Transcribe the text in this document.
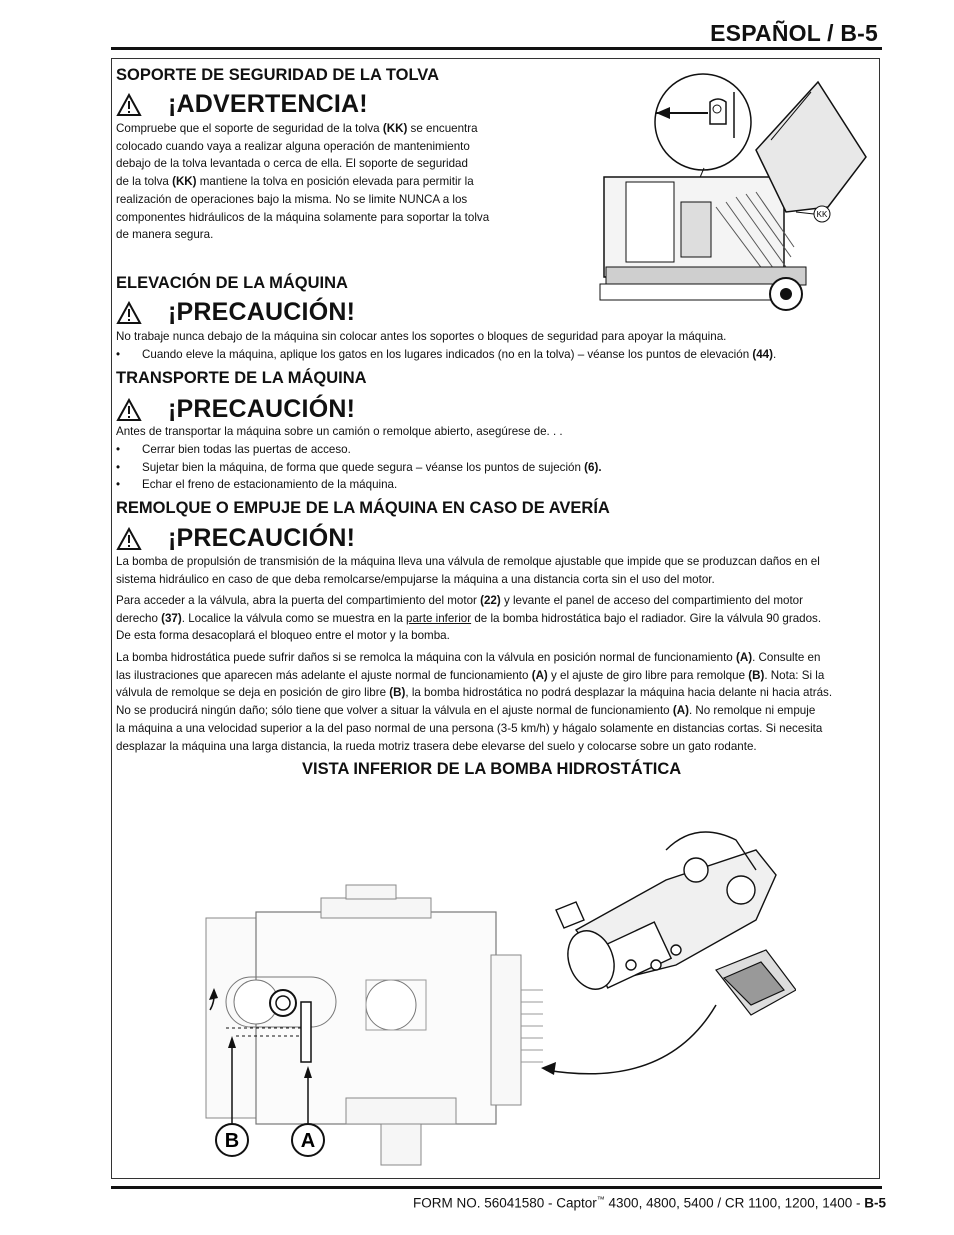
ESPAÑOL / B-5
SOPORTE DE SEGURIDAD DE LA TOLVA
¡ADVERTENCIA!
Compruebe que el soporte de seguridad de la tolva (KK) se encuentra
colocado cuando vaya a realizar alguna operación de mantenimiento
debajo de la tolva levantada o cerca de ella. El soporte de seguridad
de la tolva (KK) mantiene la tolva en posición elevada para permitir la
realización de operaciones bajo la misma. No se limite NUNCA a los
componentes hidráulicos de la máquina solamente para soportar la tolva
de manera segura.
KK
ELEVACIÓN DE LA MÁQUINA
¡PRECAUCIÓN!
No trabaje nunca debajo de la máquina sin colocar antes los soportes o bloques de seguridad para apoyar la máquina.
• Cuando eleve la máquina, aplique los gatos en los lugares indicados (no en la tolva) – véanse los puntos de elevación (44).
TRANSPORTE DE LA MÁQUINA
¡PRECAUCIÓN!
Antes de transportar la máquina sobre un camión o remolque abierto, asegúrese de. . .
• Cerrar bien todas las puertas de acceso.
• Sujetar bien la máquina, de forma que quede segura – véanse los puntos de sujeción (6).
• Echar el freno de estacionamiento de la máquina.
REMOLQUE O EMPUJE DE LA MÁQUINA EN CASO DE AVERÍA
¡PRECAUCIÓN!
La bomba de propulsión de transmisión de la máquina lleva una válvula de remolque ajustable que impide que se produzcan daños en el
sistema hidráulico en caso de que deba remolcarse/empujarse la máquina a una distancia corta sin el uso del motor.
Para acceder a la válvula, abra la puerta del compartimiento del motor (22) y levante el panel de acceso del compartimiento del motor
derecho (37). Localice la válvula como se muestra en la parte inferior de la bomba hidrostática bajo el radiador. Gire la válvula 90 grados.
De esta forma desacoplará el bloqueo entre el motor y la bomba.
La bomba hidrostática puede sufrir daños si se remolca la máquina con la válvula en posición normal de funcionamiento (A). Consulte en
las ilustraciones que aparecen más adelante el ajuste normal de funcionamiento (A) y el ajuste de giro libre para remolque (B). Nota: Si la
válvula de remolque se deja en posición de giro libre (B), la bomba hidrostática no podrá desplazar la máquina hacia delante ni hacia atrás.
No se producirá ningún daño; sólo tiene que volver a situar la válvula en el ajuste normal de funcionamiento (A). No remolque ni empuje
la máquina a una velocidad superior a la del paso normal de una persona (3-5 km/h) y hágalo solamente en distancias cortas. Si necesita
desplazar la máquina una larga distancia, la rueda motriz trasera debe elevarse del suelo y colocarse sobre un gato rodante.
VISTA INFERIOR DE LA BOMBA HIDROSTÁTICA
B	A
FORM NO. 56041580 - Captor™ 4300, 4800, 5400 / CR 1100, 1200, 1400 - B-5
